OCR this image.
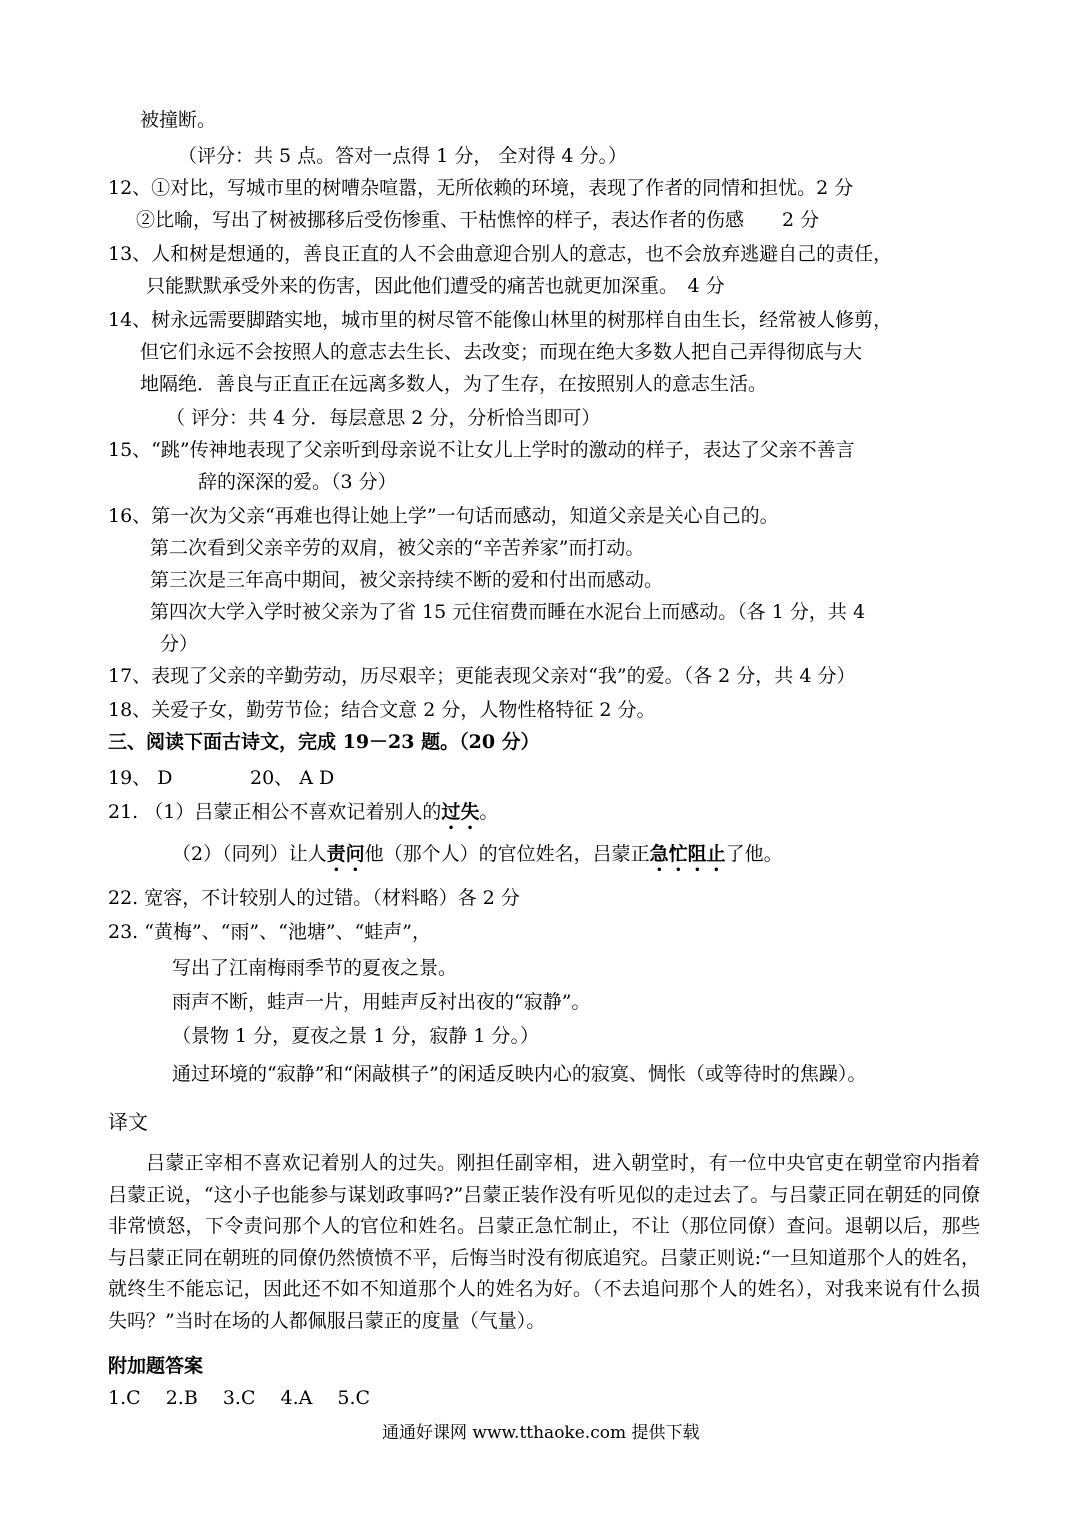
被撞断。
（评分：共 5 点。答对一点得 1 分， 全对得 4 分。）
12、①对比，写城市里的树嘈杂喧嚣，无所依赖的环境，表现了作者的同情和担忧。2 分
②比喻，写出了树被挪移后受伤惨重、干枯憔悴的样子，表达作者的伤感　　2 分
13、人和树是想通的，善良正直的人不会曲意迎合别人的意志，也不会放弃逃避自己的责任，
只能默默承受外来的伤害，因此他们遭受的痛苦也就更加深重。　4 分
14、树永远需要脚踏实地，城市里的树尽管不能像山林里的树那样自由生长，经常被人修剪，
但它们永远不会按照人的意志去生长、去改变；而现在绝大多数人把自己弄得彻底与大
地隔绝．善良与正直正在远离多数人，为了生存，在按照别人的意志生活。
（ 评分：共 4 分．每层意思 2 分，分析恰当即可）
15、“跳”传神地表现了父亲听到母亲说不让女儿上学时的激动的样子，表达了父亲不善言
辞的深深的爱。（3 分）
16、第一次为父亲“再难也得让她上学”一句话而感动，知道父亲是关心自己的。
第二次看到父亲辛劳的双肩，被父亲的“辛苦养家”而打动。
第三次是三年高中期间，被父亲持续不断的爱和付出而感动。
第四次大学入学时被父亲为了省 15 元住宿费而睡在水泥台上而感动。（各 1 分，共 4
分）
17、表现了父亲的辛勤劳动，历尽艰辛；更能表现父亲对“我”的爱。（各 2 分，共 4 分）
18、关爱子女，勤劳节俭；结合文意 2 分，人物性格特征 2 分。
三、阅读下面古诗文，完成 19－23 题。（20 分）
19、 D	20、 A D
21. （1）吕蒙正相公不喜欢记着别人的过失。
（2）（同列）让人责问他（那个人）的官位姓名，吕蒙正急忙阻止了他。
22. 宽容，不计较别人的过错。（材料略）各 2 分
23. “黄梅”、“雨”、“池塘”、“蛙声”，
写出了江南梅雨季节的夏夜之景。
雨声不断，蛙声一片，用蛙声反衬出夜的“寂静”。
（景物 1 分，夏夜之景 1 分，寂静 1 分。）
通过环境的“寂静”和“闲敲棋子”的闲适反映内心的寂寞、惆怅（或等待时的焦躁）。
译文
吕蒙正宰相不喜欢记着别人的过失。刚担任副宰相，进入朝堂时，有一位中央官吏在朝堂帘内指着吕蒙正说，“这小子也能参与谋划政事吗?”吕蒙正装作没有听见似的走过去了。与吕蒙正同在朝廷的同僚非常愤怒，下令责问那个人的官位和姓名。吕蒙正急忙制止，不让（那位同僚）查问。退朝以后，那些与吕蒙正同在朝班的同僚仍然愤愤不平，后悔当时没有彻底追究。吕蒙正则说:“一旦知道那个人的姓名，就终生不能忘记，因此还不如不知道那个人的姓名为好。（不去追问那个人的姓名），对我来说有什么损失吗？”当时在场的人都佩服吕蒙正的度量（气量）。
附加题答案
1.C　 2.B　 3.C　 4.A　 5.C
通通好课网 www.tthaoke.com 提供下载
